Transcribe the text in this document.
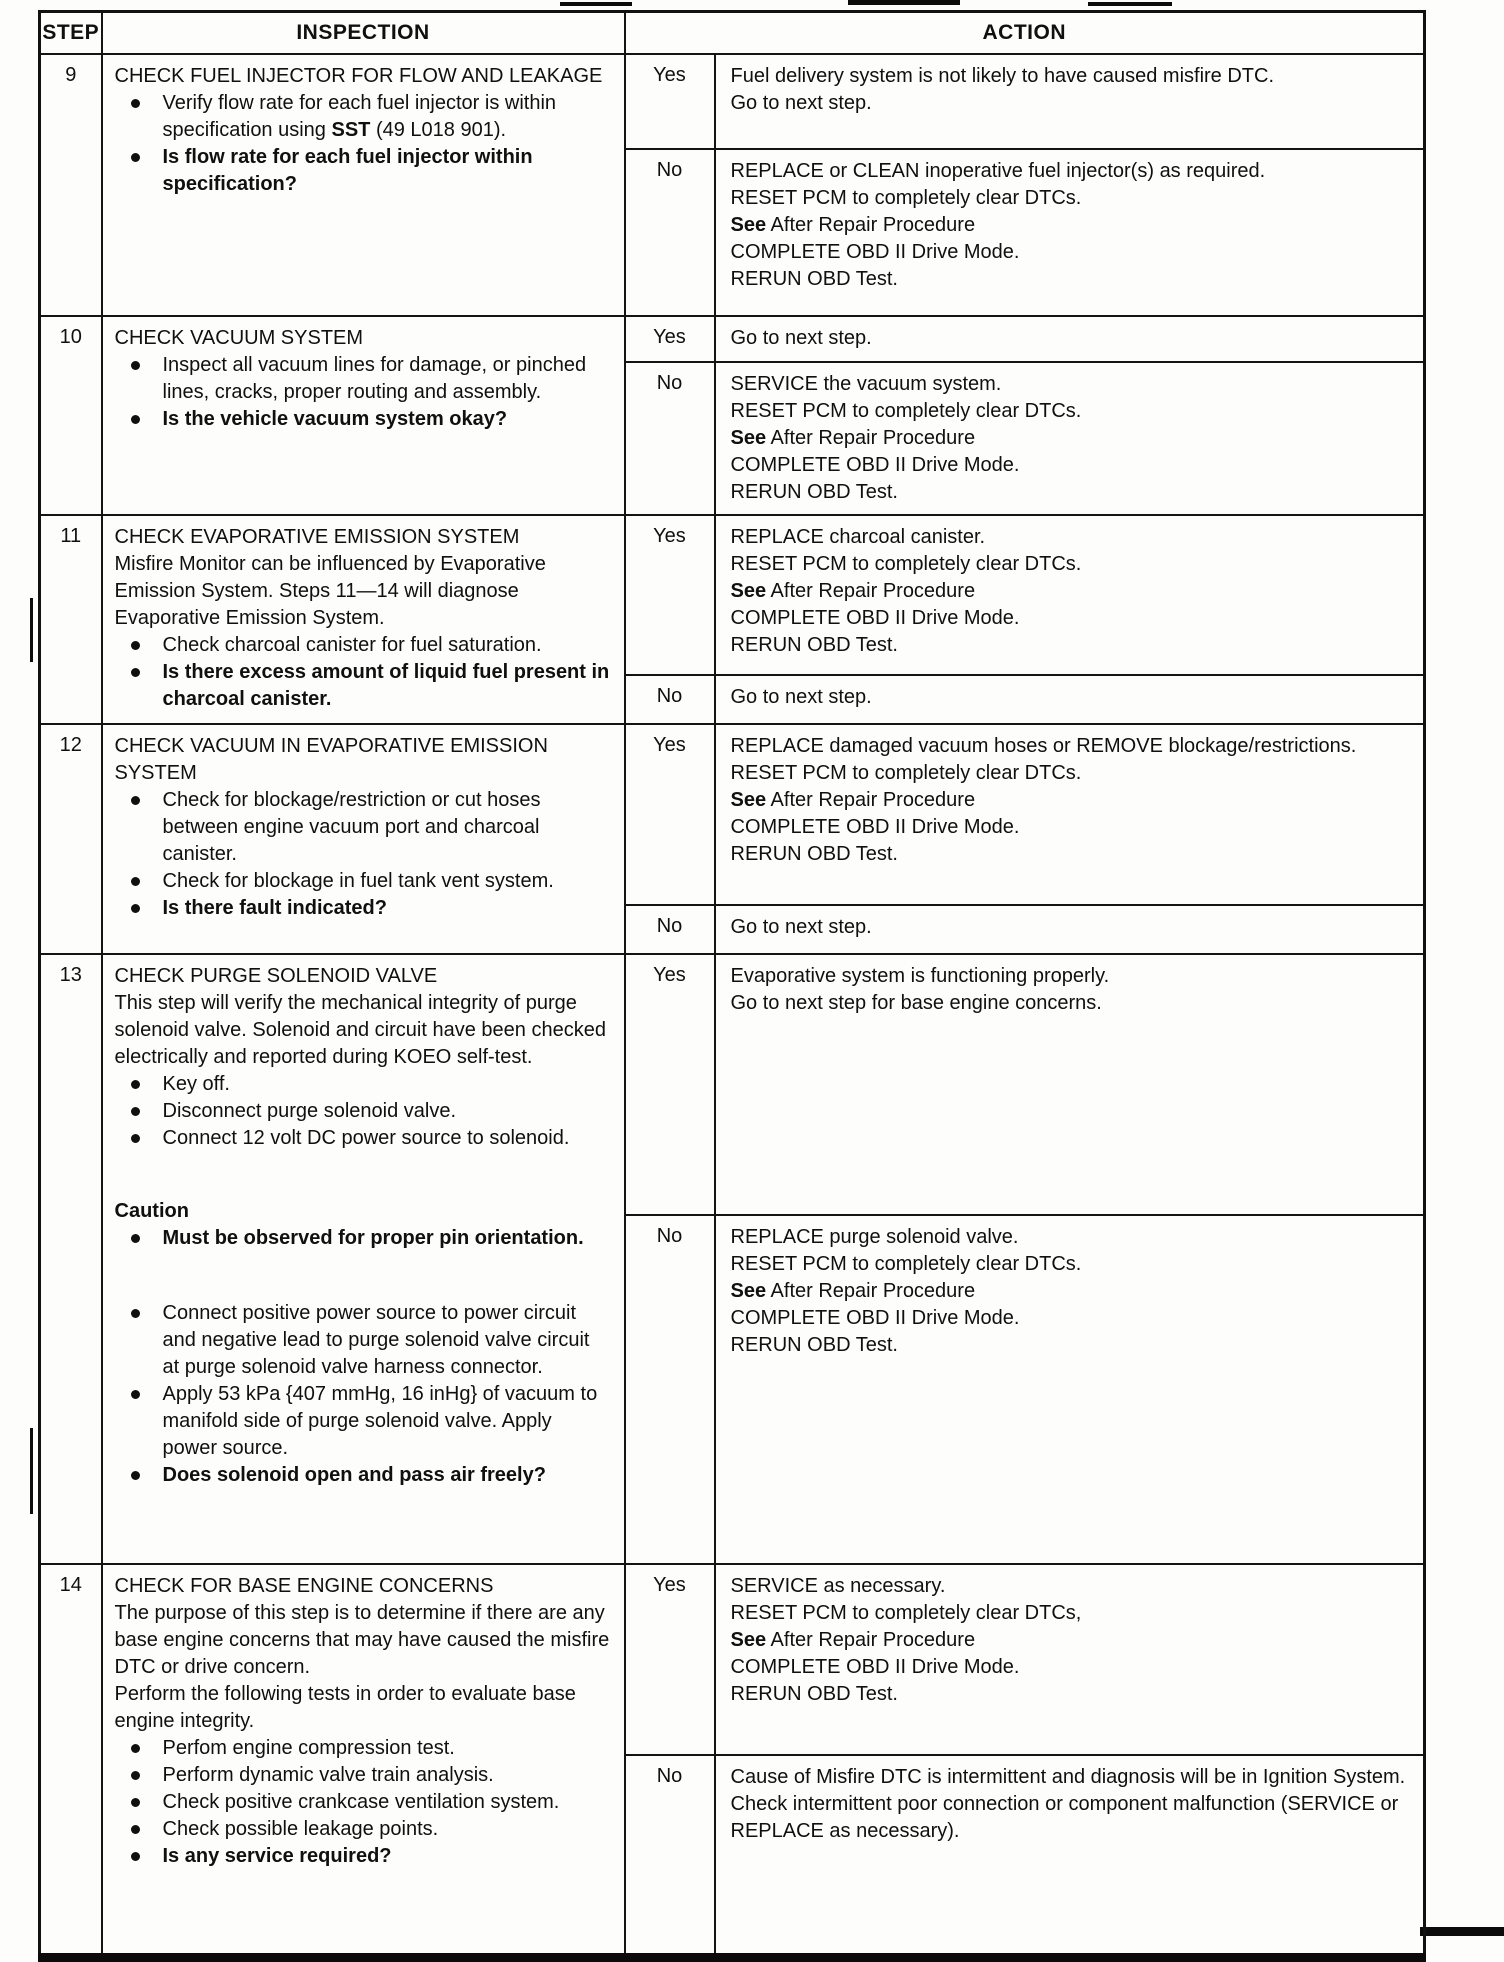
STEP	INSPECTION	ACTION	

9	CHECK FUEL INJECTOR FOR FLOW AND LEAKAGE
Verify flow rate for each fuel injector is within specification using SST (49 L018 901).
Is flow rate for each fuel injector within specification?
	Yes	Fuel delivery system is not likely to have caused misfire DTC.
Go to next step.

		No	REPLACE or CLEAN inoperative fuel injector(s) as required.
RESET PCM to completely clear DTCs.
See After Repair Procedure
COMPLETE OBD II Drive Mode.
RERUN OBD Test.

10	CHECK VACUUM SYSTEM
Inspect all vacuum lines for damage, or pinched lines, cracks, proper routing and assembly.
Is the vehicle vacuum system okay?	Yes	Go to next step.

		No	SERVICE the vacuum system.
RESET PCM to completely clear DTCs.
See After Repair Procedure
COMPLETE OBD II Drive Mode.
RERUN OBD Test.

11	CHECK EVAPORATIVE EMISSION SYSTEM
Misfire Monitor can be influenced by Evaporative Emission System. Steps 11—14 will diagnose Evaporative Emission System.
Check charcoal canister for fuel saturation.
Is there excess amount of liquid fuel present in charcoal canister.
	Yes	REPLACE charcoal canister.
RESET PCM to completely clear DTCs.
See After Repair Procedure
COMPLETE OBD II Drive Mode.
RERUN OBD Test.

		No	Go to next step.

12	CHECK VACUUM IN EVAPORATIVE EMISSION SYSTEM
Check for blockage/restriction or cut hoses between engine vacuum port and charcoal canister.
Check for blockage in fuel tank vent system.
Is there fault indicated?
	Yes	REPLACE damaged vacuum hoses or REMOVE blockage/restrictions.
RESET PCM to completely clear DTCs.
See After Repair Procedure
COMPLETE OBD II Drive Mode.
RERUN OBD Test.

		No	Go to next step.

13	CHECK PURGE SOLENOID VALVE
This step will verify the mechanical integrity of purge solenoid valve. Solenoid and circuit have been checked electrically and reported during KOEO self-test.
Key off.
Disconnect purge solenoid valve.
Connect 12 volt DC power source to solenoid.
Caution
Must be observed for proper pin orientation.
Connect positive power source to power circuit and negative lead to purge solenoid valve circuit at purge solenoid valve harness connector.
Apply 53 kPa {407 mmHg, 16 inHg} of vacuum to manifold side of purge solenoid valve. Apply power source.
Does solenoid open and pass air freely?
	Yes	Evaporative system is functioning properly.
Go to next step for base engine concerns.

		No	REPLACE purge solenoid valve.
RESET PCM to completely clear DTCs.
See After Repair Procedure
COMPLETE OBD II Drive Mode.
RERUN OBD Test.

14	CHECK FOR BASE ENGINE CONCERNS
The purpose of this step is to determine if there are any base engine concerns that may have caused the misfire DTC or drive concern.
Perform the following tests in order to evaluate base engine integrity.
Perfom engine compression test.
Perform dynamic valve train analysis.
Check positive crankcase ventilation system.
Check possible leakage points.
Is any service required?
	Yes	SERVICE as necessary.
RESET PCM to completely clear DTCs,
See After Repair Procedure
COMPLETE OBD II Drive Mode.
RERUN OBD Test.

		No	Cause of Misfire DTC is intermittent and diagnosis will be in Ignition System. Check intermittent poor connection or component malfunction (SERVICE or REPLACE as necessary).
